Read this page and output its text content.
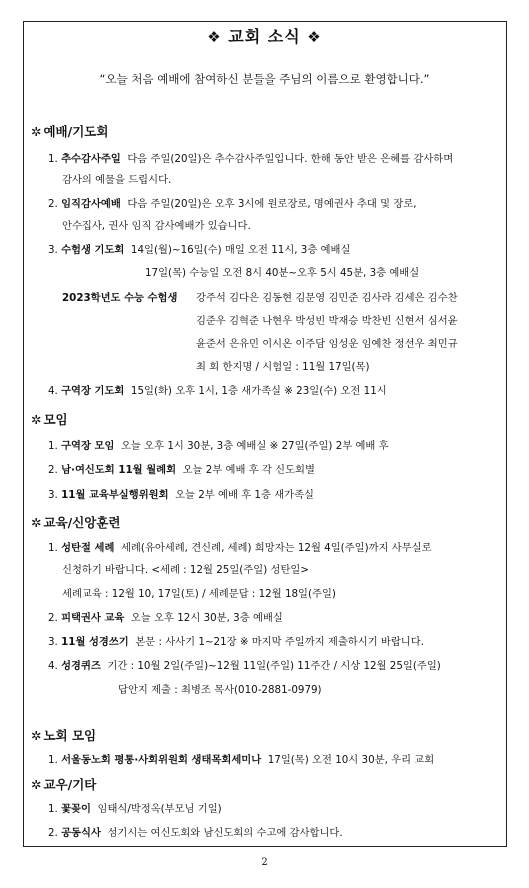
❖ 교회 소식 ❖
“오늘 처음 예배에 참여하신 분들을 주님의 이름으로 환영합니다.”
✲ 예배/기도회
1. 추수감사주일 다음 주일(20일)은 추수감사주일입니다. 한해 동안 받은 은혜를 감사하며
감사의 예물을 드립시다.
2. 임직감사예배 다음 주일(20일)은 오후 3시에 원로장로, 명예권사 추대 및 장로,
안수집사, 권사 임직 감사예배가 있습니다.
3. 수험생 기도회 14일(월)~16일(수) 매일 오전 11시, 3층 예배실
17일(목) 수능일 오전 8시 40분~오후 5시 45분, 3층 예배실
2023학년도 수능 수험생 강주석 김다은 김동현 김문영 김민준 김사라 김세은 김수찬
김준우 김혁준 나현우 박성빈 박재승 박찬빈 신현서 심서윤
윤준서 은유민 이시온 이주담 임성운 임예찬 정선우 최민규
최 회 한지명 / 시험일 : 11월 17일(목)
4. 구역장 기도회 15일(화) 오후 1시, 1층 새가족실 ※ 23일(수) 오전 11시
✲ 모임
1. 구역장 모임 오늘 오후 1시 30분, 3층 예배실 ※ 27일(주일) 2부 예배 후
2. 남·여신도회 11월 월례회 오늘 2부 예배 후 각 신도회별
3. 11월 교육부실행위원회 오늘 2부 예배 후 1층 새가족실
✲ 교육/신앙훈련
1. 성탄절 세례 세례(유아세례, 견신례, 세례) 희망자는 12월 4일(주일)까지 사무실로
신청하기 바랍니다. <세례 : 12월 25일(주일) 성탄일>
세례교육 : 12월 10, 17일(토) / 세례문답 : 12월 18일(주일)
2. 피택권사 교육 오늘 오후 12시 30분, 3층 예배실
3. 11월 성경쓰기 본문 : 사사기 1~21장 ※ 마지막 주일까지 제출하시기 바랍니다.
4. 성경퀴즈 기간 : 10월 2일(주일)~12월 11일(주일) 11주간 / 시상 12월 25일(주일)
답안지 제출 : 최병조 목사(010-2881-0979)
✲ 노회 모임
1. 서울동노회 평통·사회위원회 생태목회세미나 17일(목) 오전 10시 30분, 우리 교회
✲ 교우/기타
1. 꽃꽂이 임태식/박정옥(부모님 기일)
2. 공동식사 섬기시는 여신도회와 남신도회의 수고에 감사합니다.
2
